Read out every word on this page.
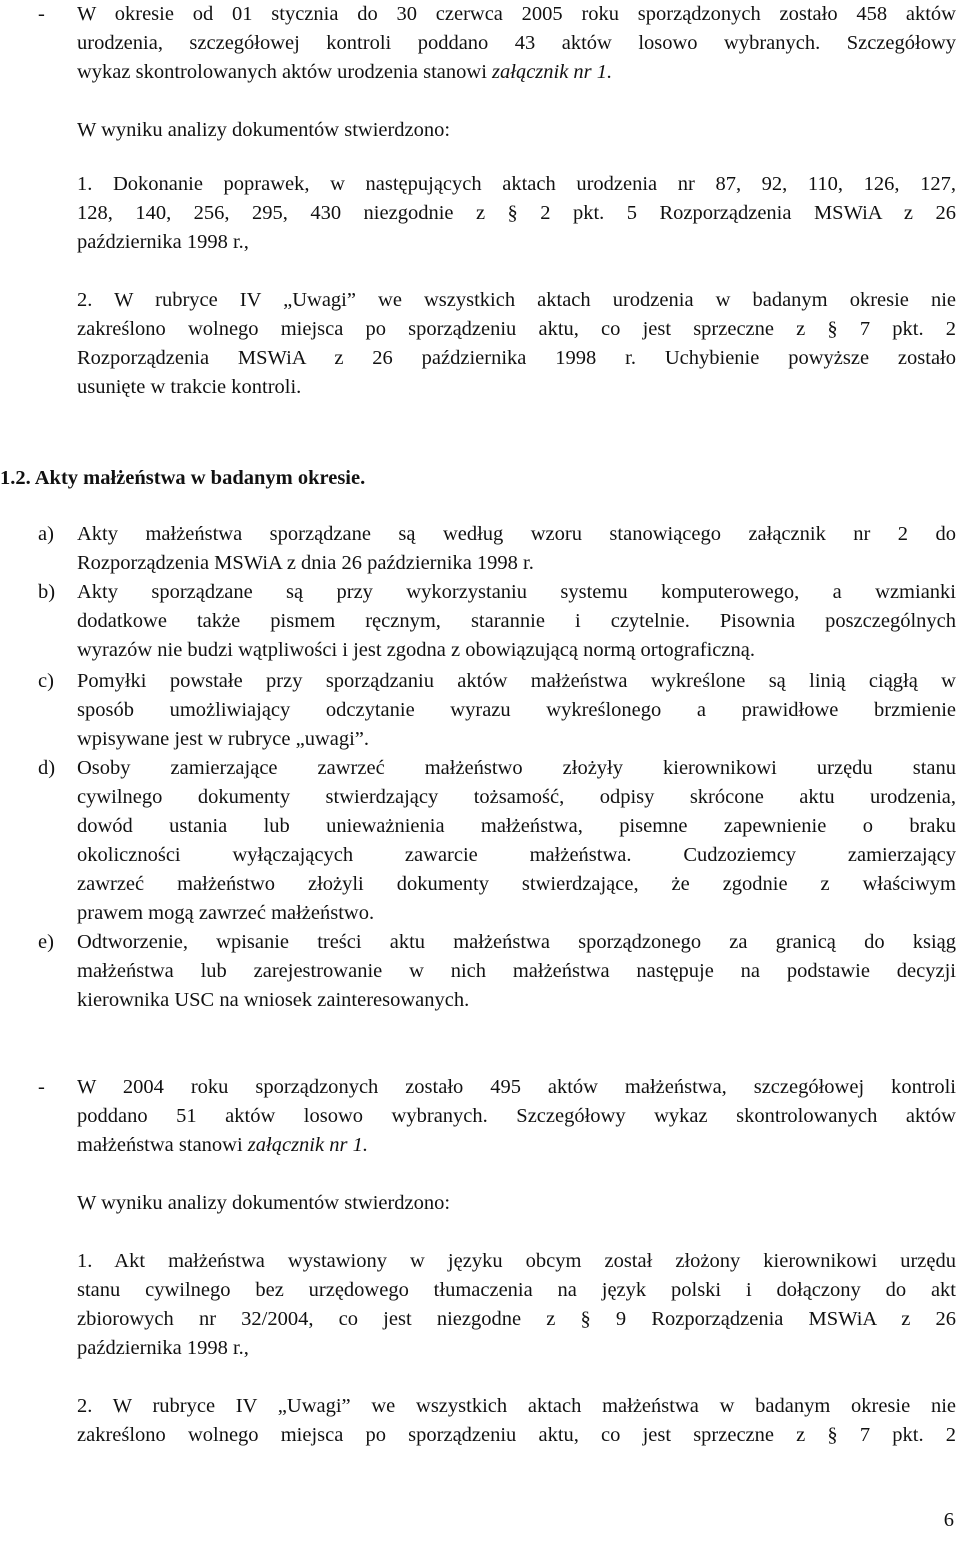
-	W okresie od 01 stycznia do 30 czerwca 2005 roku sporządzonych zostało 458 aktów
urodzenia, szczegółowej kontroli poddano 43 aktów losowo wybranych. Szczegółowy
wykaz skontrolowanych aktów urodzenia stanowi załącznik nr 1.

W wyniku analizy dokumentów stwierdzono:

1. Dokonanie poprawek, w następujących aktach urodzenia nr 87, 92, 110, 126, 127,
128, 140, 256, 295, 430 niezgodnie z § 2 pkt. 5 Rozporządzenia MSWiA z 26
października 1998 r.,
2. W rubryce IV „Uwagi” we wszystkich aktach urodzenia w badanym okresie nie
zakreślono wolnego miejsca po sporządzeniu aktu, co jest sprzeczne z § 7 pkt. 2
Rozporządzenia MSWiA z 26 października 1998 r. Uchybienie powyższe zostało
usunięte w trakcie kontroli.
1.2. Akty małżeństwa w badanym okresie.
a)	Akty małżeństwa sporządzane są według wzoru stanowiącego załącznik nr 2 do
Rozporządzenia MSWiA z dnia 26 października 1998 r.
b)	Akty sporządzane są przy wykorzystaniu systemu komputerowego, a wzmianki
dodatkowe także pismem ręcznym, starannie i czytelnie. Pisownia poszczególnych
wyrazów nie budzi wątpliwości i jest zgodna z obowiązującą normą ortograficzną.
c)	Pomyłki powstałe przy sporządzaniu aktów małżeństwa wykreślone są linią ciągłą w
sposób umożliwiający odczytanie wyrazu wykreślonego a prawidłowe brzmienie
wpisywane jest w rubryce „uwagi”.
d)	Osoby zamierzające zawrzeć małżeństwo złożyły kierownikowi urzędu stanu
cywilnego dokumenty stwierdzający tożsamość, odpisy skrócone aktu urodzenia,
dowód ustania lub unieważnienia małżeństwa, pisemne zapewnienie o braku
okoliczności wyłączających zawarcie małżeństwa. Cudzoziemcy zamierzający
zawrzeć małżeństwo złożyli dokumenty stwierdzające, że zgodnie z właściwym
prawem mogą zawrzeć małżeństwo.
e)	Odtworzenie, wpisanie treści aktu małżeństwa sporządzonego za granicą do ksiąg
małżeństwa lub zarejestrowanie w nich małżeństwa następuje na podstawie decyzji
kierownika USC na wniosek zainteresowanych.
-	W 2004 roku sporządzonych zostało 495 aktów małżeństwa, szczegółowej kontroli
poddano 51 aktów losowo wybranych. Szczegółowy wykaz skontrolowanych aktów
małżeństwa stanowi załącznik nr 1.

W wyniku analizy dokumentów stwierdzono:

1. Akt małżeństwa wystawiony w języku obcym został złożony kierownikowi urzędu
stanu cywilnego bez urzędowego tłumaczenia na język polski i dołączony do akt
zbiorowych nr 32/2004, co jest niezgodne z § 9 Rozporządzenia MSWiA z 26
października 1998 r.,
2. W rubryce IV „Uwagi” we wszystkich aktach małżeństwa w badanym okresie nie
zakreślono wolnego miejsca po sporządzeniu aktu, co jest sprzeczne z § 7 pkt. 2
6
